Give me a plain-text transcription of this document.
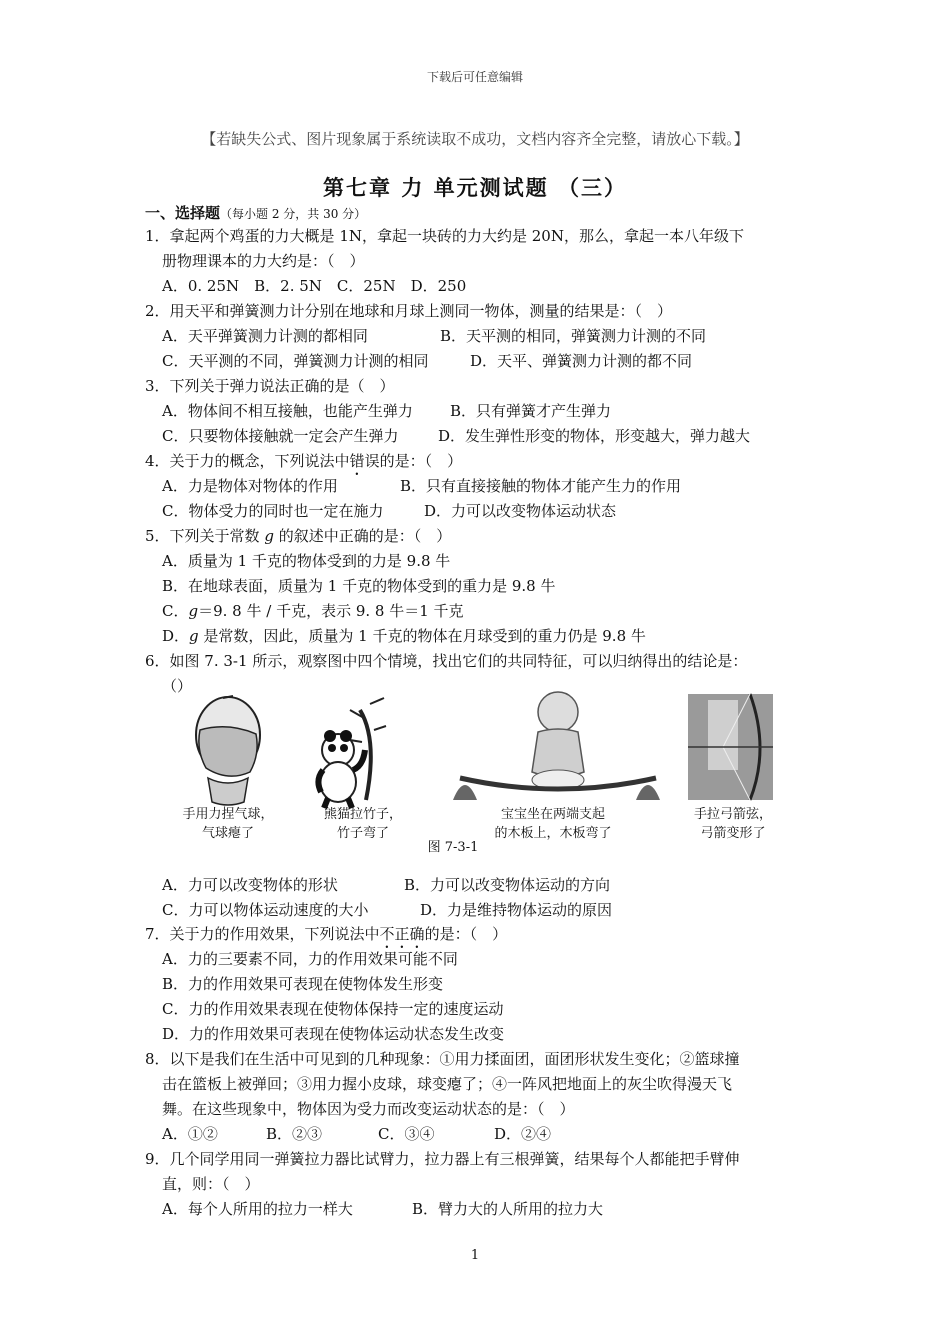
下载后可任意编辑
【若缺失公式、图片现象属于系统读取不成功，文档内容齐全完整，请放心下载。】
第七章 力 单元测试题 （三）
一、选择题（每小题 2 分，共 30 分）
1．拿起两个鸡蛋的力大概是 1N，拿起一块砖的力大约是 20N，那么，拿起一本八年级下
册物理课本的力大约是：（　）
A．0. 25N　B．2. 5N　C．25N　D．250
2．用天平和弹簧测力计分别在地球和月球上测同一物体，测量的结果是：（　）
A．天平弹簧测力计测的都相同	B．天平测的相同，弹簧测力计测的不同
C．天平测的不同，弹簧测力计测的相同	D．天平、弹簧测力计测的都不同
3．下列关于弹力说法正确的是（　）
A．物体间不相互接触，也能产生弹力 B．只有弹簧才产生弹力
C．只要物体接触就一定会产生弹力	D．发生弹性形变的物体，形变越大，弹力越大
4．关于力的概念，下列说法中错误的是：（　）
A．力是物体对物体的作用	B．只有直接接触的物体才能产生力的作用
C．物体受力的同时也一定在施力	D．力可以改变物体运动状态
5．下列关于常数 g 的叙述中正确的是：（　）
A．质量为 1 千克的物体受到的力是 9.8 牛
B．在地球表面，质量为 1 千克的物体受到的重力是 9.8 牛
C．g＝9. 8 牛 / 千克，表示 9. 8 牛＝1 千克
D．g 是常数，因此，质量为 1 千克的物体在月球受到的重力仍是 9.8 牛
6．如图 7. 3-1 所示，观察图中四个情境，找出它们的共同特征，可以归纳得出的结论是：
（）
手用力捏气球，
气球瘪了
熊猫拉竹子，
竹子弯了
宝宝坐在两端支起
的木板上，木板弯了
手拉弓箭弦，
弓箭变形了
图 7-3-1
A．力可以改变物体的形状	B．力可以改变物体运动的方向
C．力可以物体运动速度的大小	D．力是维持物体运动的原因
7．关于力的作用效果，下列说法中不正确的是：（　）
A．力的三要素不同，力的作用效果可能不同
B．力的作用效果可表现在使物体发生形变
C．力的作用效果表现在使物体保持一定的速度运动
D．力的作用效果可表现在使物体运动状态发生改变
8．以下是我们在生活中可见到的几种现象：①用力揉面团，面团形状发生变化；②篮球撞
击在篮板上被弹回；③用力握小皮球，球变瘪了；④一阵风把地面上的灰尘吹得漫天飞
舞。在这些现象中，物体因为受力而改变运动状态的是：（　）
A．①②	B．②③	C．③④	D．②④
9．几个同学用同一弹簧拉力器比试臂力，拉力器上有三根弹簧，结果每个人都能把手臂伸
直，则：（　）
A．每个人所用的拉力一样大	B．臂力大的人所用的拉力大
1
